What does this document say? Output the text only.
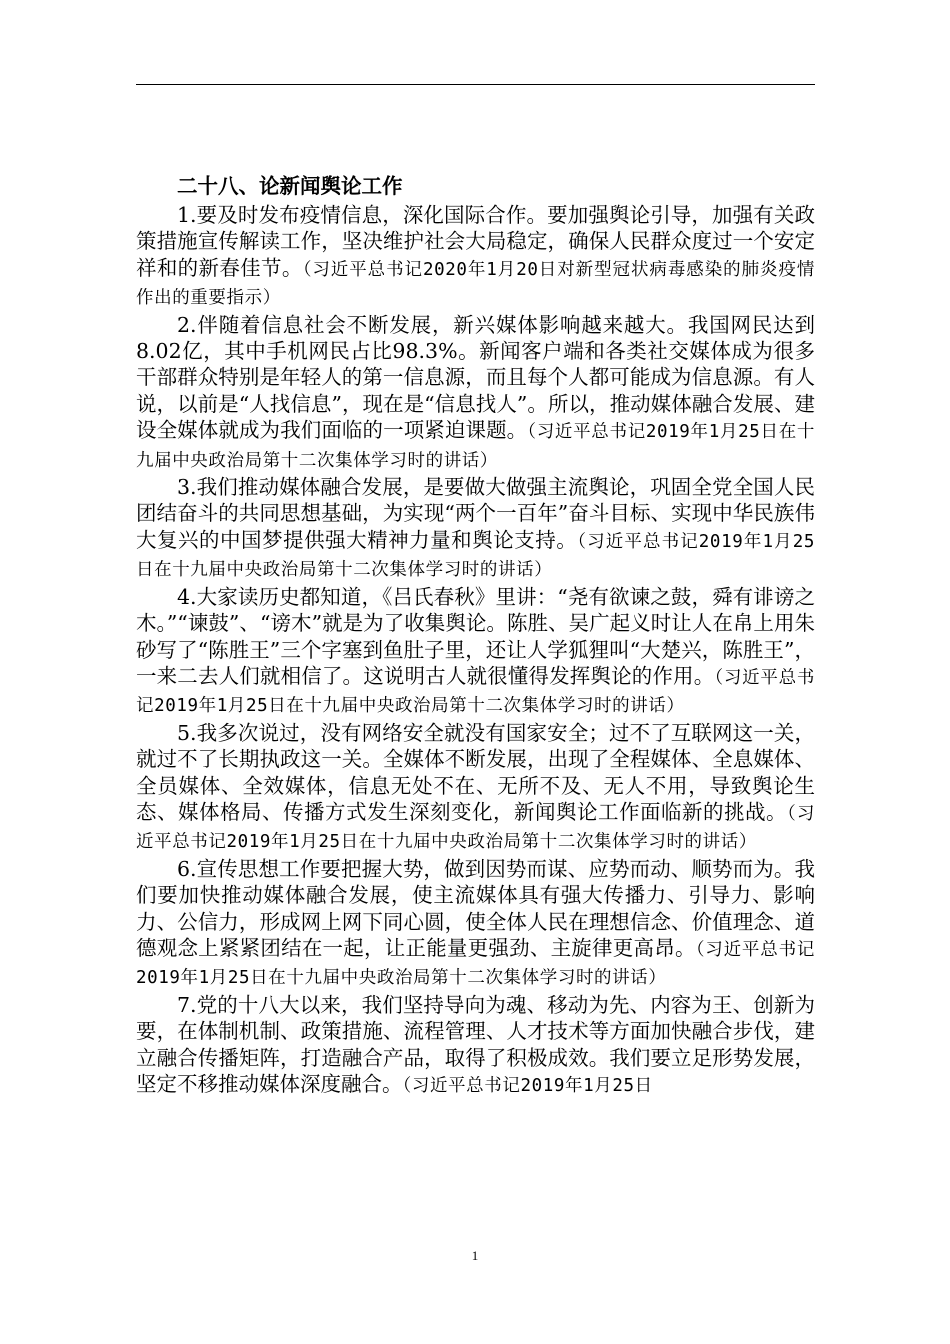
二十八、论新闻舆论工作

1.要及时发布疫情信息，深化国际合作。要加强舆论引导，加强有关政策措施宣传解读工作，坚决维护社会大局稳定，确保人民群众度过一个安定祥和的新春佳节。（习近平总书记2020年1月20日对新型冠状病毒感染的肺炎疫情作出的重要指示）

2.伴随着信息社会不断发展，新兴媒体影响越来越大。我国网民达到8.02亿，其中手机网民占比98.3%。新闻客户端和各类社交媒体成为很多干部群众特别是年轻人的第一信息源，而且每个人都可能成为信息源。有人说，以前是“人找信息”，现在是“信息找人”。所以，推动媒体融合发展、建设全媒体就成为我们面临的一项紧迫课题。（习近平总书记2019年1月25日在十九届中央政治局第十二次集体学习时的讲话）

3.我们推动媒体融合发展，是要做大做强主流舆论，巩固全党全国人民团结奋斗的共同思想基础，为实现“两个一百年”奋斗目标、实现中华民族伟大复兴的中国梦提供强大精神力量和舆论支持。（习近平总书记2019年1月25日在十九届中央政治局第十二次集体学习时的讲话）

4.大家读历史都知道，《吕氏春秋》里讲：“尧有欲谏之鼓，舜有诽谤之木。”“谏鼓”、“谤木”就是为了收集舆论。陈胜、吴广起义时让人在帛上用朱砂写了“陈胜王”三个字塞到鱼肚子里，还让人学狐狸叫“大楚兴，陈胜王”，一来二去人们就相信了。这说明古人就很懂得发挥舆论的作用。（习近平总书记2019年1月25日在十九届中央政治局第十二次集体学习时的讲话）

5.我多次说过，没有网络安全就没有国家安全；过不了互联网这一关，就过不了长期执政这一关。全媒体不断发展，出现了全程媒体、全息媒体、全员媒体、全效媒体，信息无处不在、无所不及、无人不用，导致舆论生态、媒体格局、传播方式发生深刻变化，新闻舆论工作面临新的挑战。（习近平总书记2019年1月25日在十九届中央政治局第十二次集体学习时的讲话）

6.宣传思想工作要把握大势，做到因势而谋、应势而动、顺势而为。我们要加快推动媒体融合发展，使主流媒体具有强大传播力、引导力、影响力、公信力，形成网上网下同心圆，使全体人民在理想信念、价值理念、道德观念上紧紧团结在一起，让正能量更强劲、主旋律更高昂。（习近平总书记2019年1月25日在十九届中央政治局第十二次集体学习时的讲话）

7.党的十八大以来，我们坚持导向为魂、移动为先、内容为王、创新为要，在体制机制、政策措施、流程管理、人才技术等方面加快融合步伐，建立融合传播矩阵，打造融合产品，取得了积极成效。我们要立足形势发展，坚定不移推动媒体深度融合。（习近平总书记2019年1月25日

1
